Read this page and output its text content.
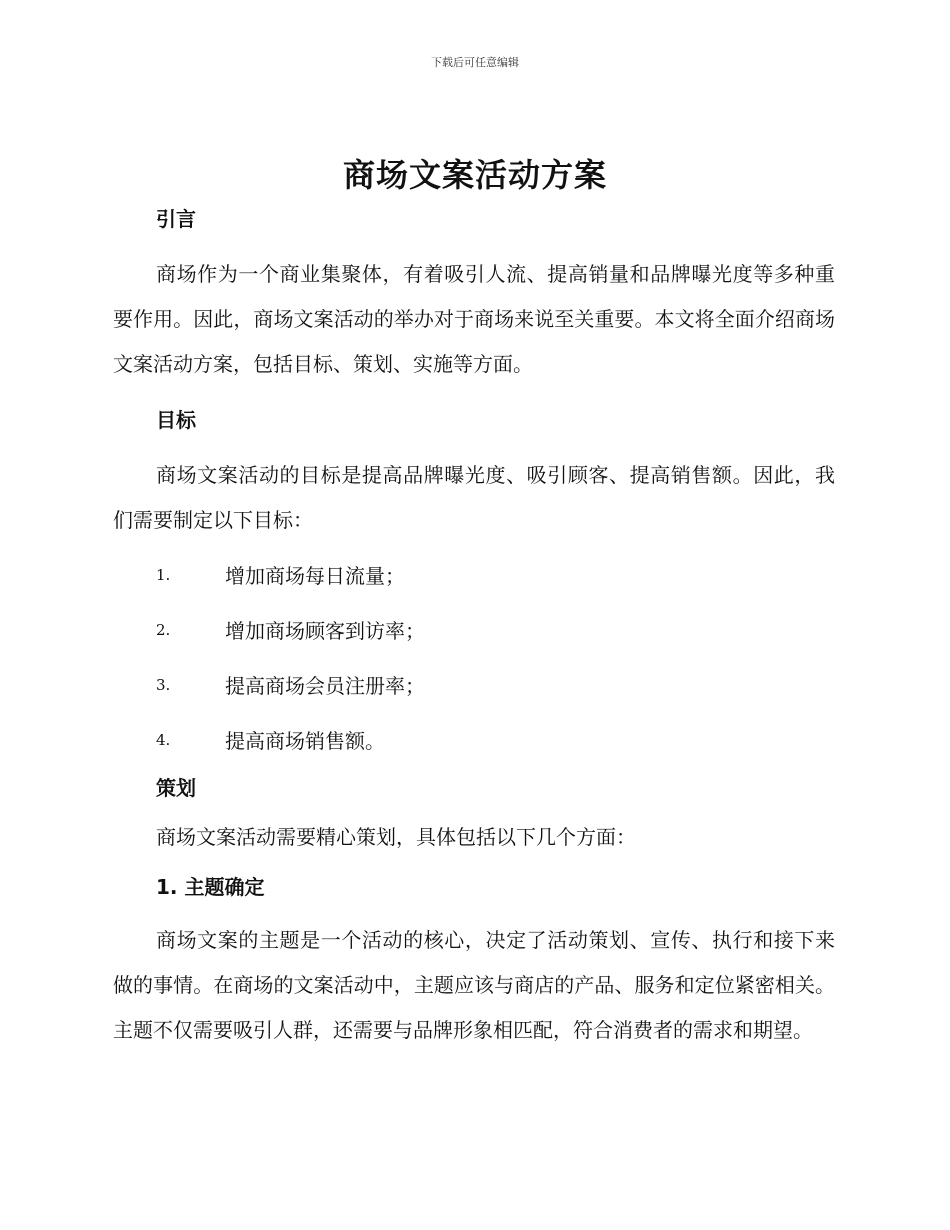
下载后可任意编辑
商场文案活动方案
引言

商场作为一个商业集聚体，有着吸引人流、提高销量和品牌曝光度等多种重要作用。因此，商场文案活动的举办对于商场来说至关重要。本文将全面介绍商场文案活动方案，包括目标、策划、实施等方面。

目标

商场文案活动的目标是提高品牌曝光度、吸引顾客、提高销售额。因此，我们需要制定以下目标：

1.	增加商场每日流量；
2.	增加商场顾客到访率；
3.	提高商场会员注册率；
4.	提高商场销售额。
策划

商场文案活动需要精心策划，具体包括以下几个方面：

1. 主题确定

商场文案的主题是一个活动的核心，决定了活动策划、宣传、执行和接下来做的事情。在商场的文案活动中，主题应该与商店的产品、服务和定位紧密相关。主题不仅需要吸引人群，还需要与品牌形象相匹配，符合消费者的需求和期望。
